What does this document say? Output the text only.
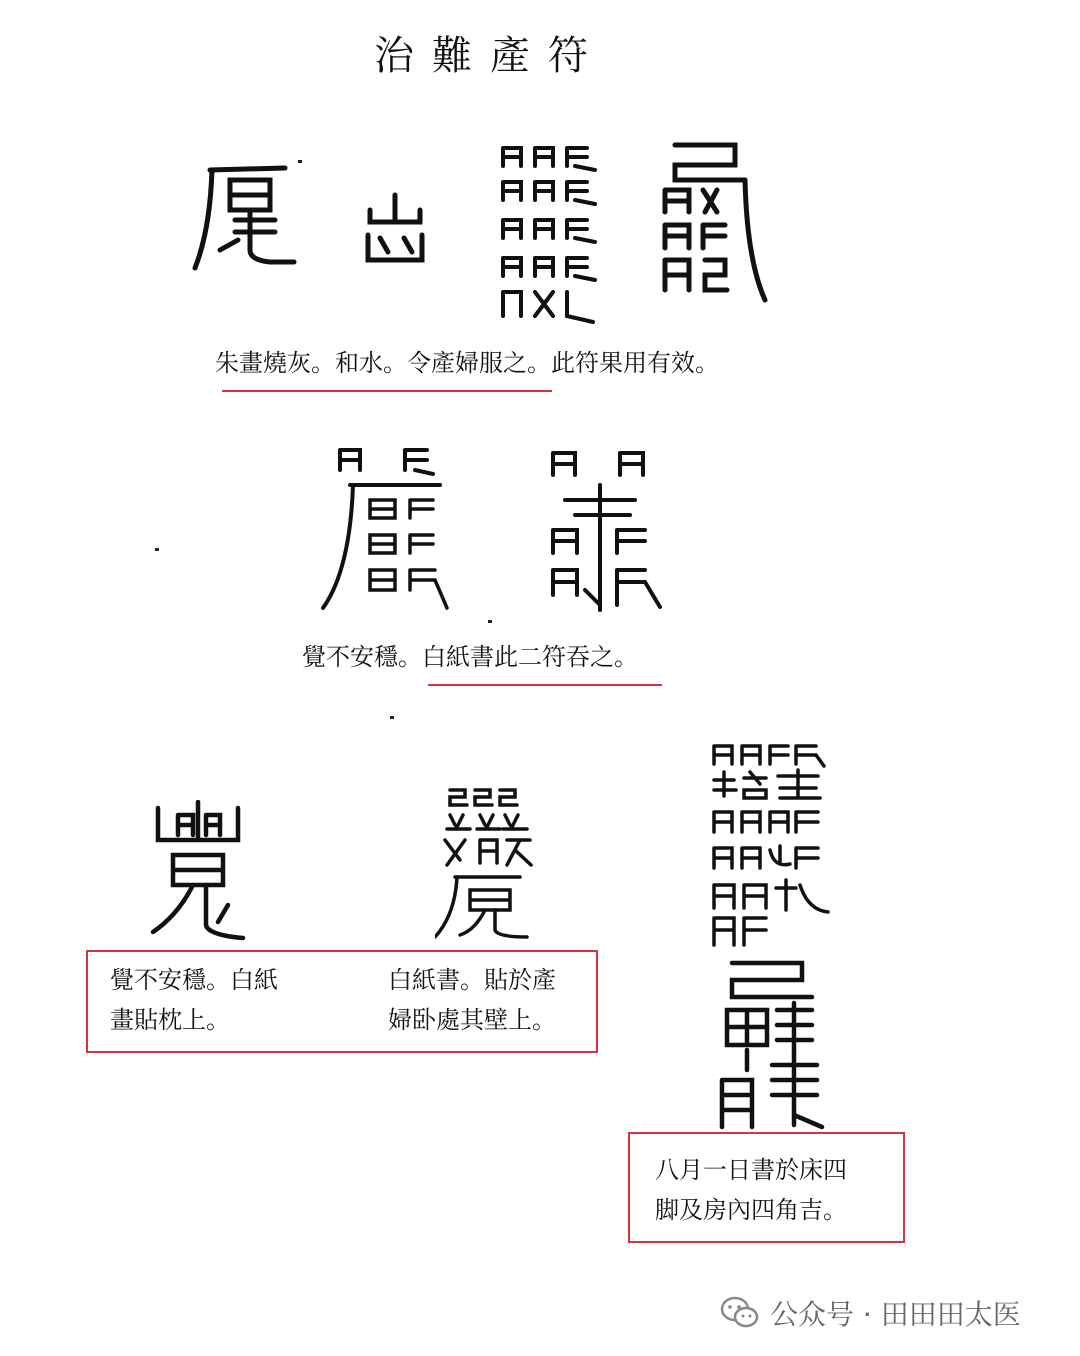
治難產符
朱畫燒灰。和水。令產婦服之。此符果用有效。
覺不安穩。白紙書此二符吞之。
覺不安穩。白紙
畫貼枕上。
白紙書。貼於產
婦卧處其壁上。
八月一日書於床四
脚及房內四角吉。
公众号 · 田田田太医
